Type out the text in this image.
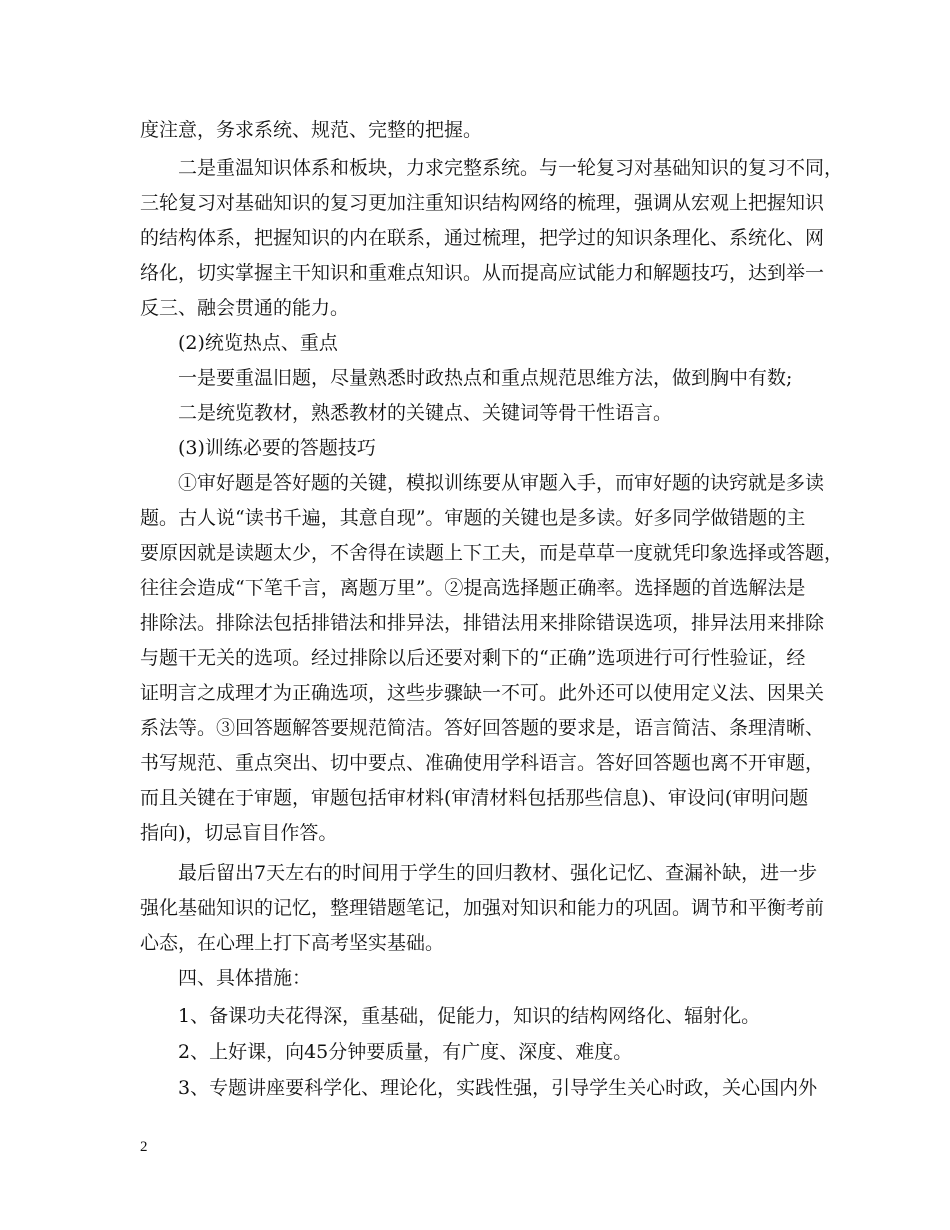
度注意，务求系统、规范、完整的把握。
二是重温知识体系和板块，力求完整系统。与一轮复习对基础知识的复习不同，
三轮复习对基础知识的复习更加注重知识结构网络的梳理，强调从宏观上把握知识
的结构体系，把握知识的内在联系，通过梳理，把学过的知识条理化、系统化、网
络化，切实掌握主干知识和重难点知识。从而提高应试能力和解题技巧，达到举一
反三、融会贯通的能力。
(2)统览热点、重点
一是要重温旧题，尽量熟悉时政热点和重点规范思维方法，做到胸中有数;
二是统览教材，熟悉教材的关键点、关键词等骨干性语言。
(3)训练必要的答题技巧
①审好题是答好题的关键，模拟训练要从审题入手，而审好题的诀窍就是多读
题。古人说“读书千遍，其意自现”。审题的关键也是多读。好多同学做错题的主
要原因就是读题太少，不舍得在读题上下工夫，而是草草一度就凭印象选择或答题，
往往会造成“下笔千言，离题万里”。②提高选择题正确率。选择题的首选解法是
排除法。排除法包括排错法和排异法，排错法用来排除错误选项，排异法用来排除
与题干无关的选项。经过排除以后还要对剩下的“正确”选项进行可行性验证，经
证明言之成理才为正确选项，这些步骤缺一不可。此外还可以使用定义法、因果关
系法等。③回答题解答要规范简洁。答好回答题的要求是，语言简洁、条理清晰、
书写规范、重点突出、切中要点、准确使用学科语言。答好回答题也离不开审题，
而且关键在于审题，审题包括审材料(审清材料包括那些信息)、审设问(审明问题
指向)，切忌盲目作答。
最后留出7天左右的时间用于学生的回归教材、强化记忆、查漏补缺，进一步
强化基础知识的记忆，整理错题笔记，加强对知识和能力的巩固。调节和平衡考前
心态，在心理上打下高考坚实基础。
四、具体措施：
1、备课功夫花得深，重基础，促能力，知识的结构网络化、辐射化。
2、上好课，向45分钟要质量，有广度、深度、难度。
3、专题讲座要科学化、理论化，实践性强，引导学生关心时政，关心国内外
2
